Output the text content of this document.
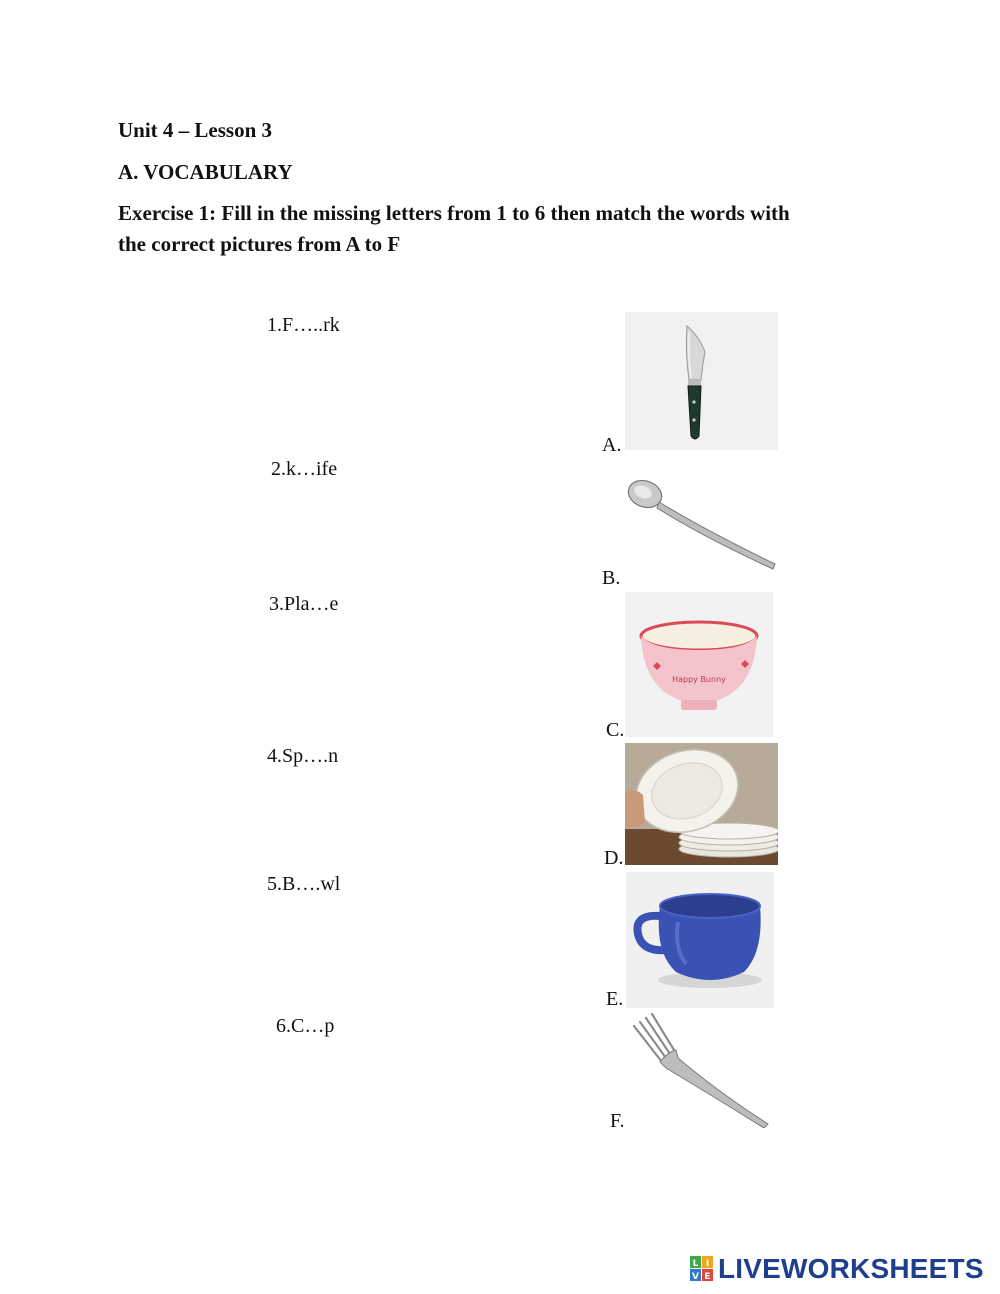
Unit 4 – Lesson 3
A. VOCABULARY
Exercise 1: Fill in the missing letters from 1 to 6 then match the words with
the correct pictures from A to F
1.F…..rk
2.k…ife
3.Pla…e
4.Sp….n
5.B….wl
6.C…p
A.
B.
Happy Bunny
C.
D.
E.
F.
L I
V E LIVEWORKSHEETS
